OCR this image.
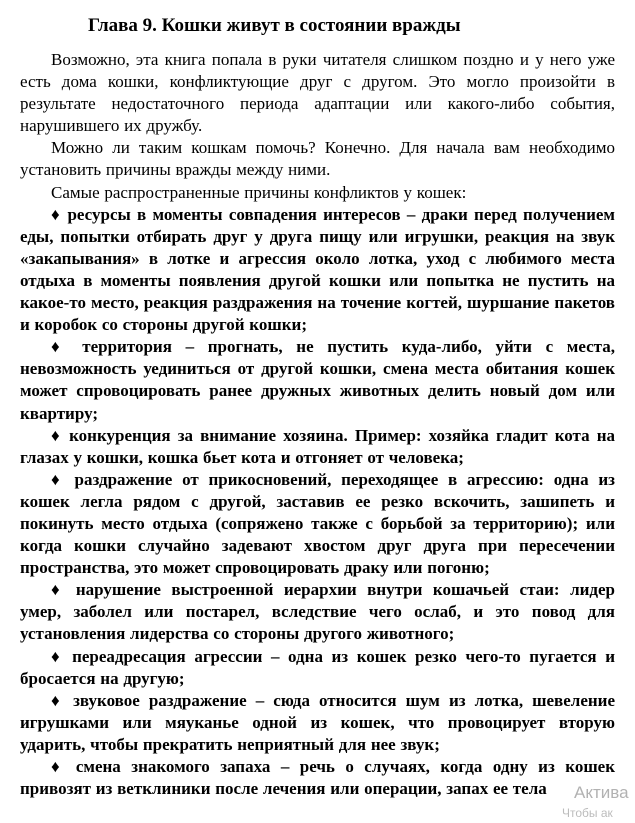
Глава 9. Кошки живут в состоянии вражды

Возможно, эта книга попала в руки читателя слишком поздно и у него уже есть дома кошки, конфликтующие друг с другом. Это могло произойти в результате недостаточного периода адаптации или какого-либо события, нарушившего их дружбу.

Можно ли таким кошкам помочь? Конечно. Для начала вам необходимо установить причины вражды между ними.

Самые распространенные причины конфликтов у кошек:

♦ ресурсы в моменты совпадения интересов – драки перед получением еды, попытки отбирать друг у друга пищу или игрушки, реакция на звук «закапывания» в лотке и агрессия около лотка, уход с любимого места отдыха в моменты появления другой кошки или попытка не пустить на какое-то место, реакция раздражения на точение когтей, шуршание пакетов и коробок со стороны другой кошки;

♦ территория – прогнать, не пустить куда-либо, уйти с места, невозможность уединиться от другой кошки, смена места обитания кошек может спровоцировать ранее дружных животных делить новый дом или квартиру;

♦ конкуренция за внимание хозяина. Пример: хозяйка гладит кота на глазах у кошки, кошка бьет кота и отгоняет от человека;

♦ раздражение от прикосновений, переходящее в агрессию: одна из кошек легла рядом с другой, заставив ее резко вскочить, зашипеть и покинуть место отдыха (сопряжено также с борьбой за территорию); или когда кошки случайно задевают хвостом друг друга при пересечении пространства, это может спровоцировать драку или погоню;

♦ нарушение выстроенной иерархии внутри кошачьей стаи: лидер умер, заболел или постарел, вследствие чего ослаб, и это повод для установления лидерства со стороны другого животного;

♦ переадресация агрессии – одна из кошек резко чего-то пугается и бросается на другую;

♦ звуковое раздражение – сюда относится шум из лотка, шевеление игрушками или мяуканье одной из кошек, что провоцирует вторую ударить, чтобы прекратить неприятный для нее звук;

♦ смена знакомого запаха – речь о случаях, когда одну из кошек привозят из ветклиники после лечения или операции, запах ее тела	Актива
Чтобы ак
